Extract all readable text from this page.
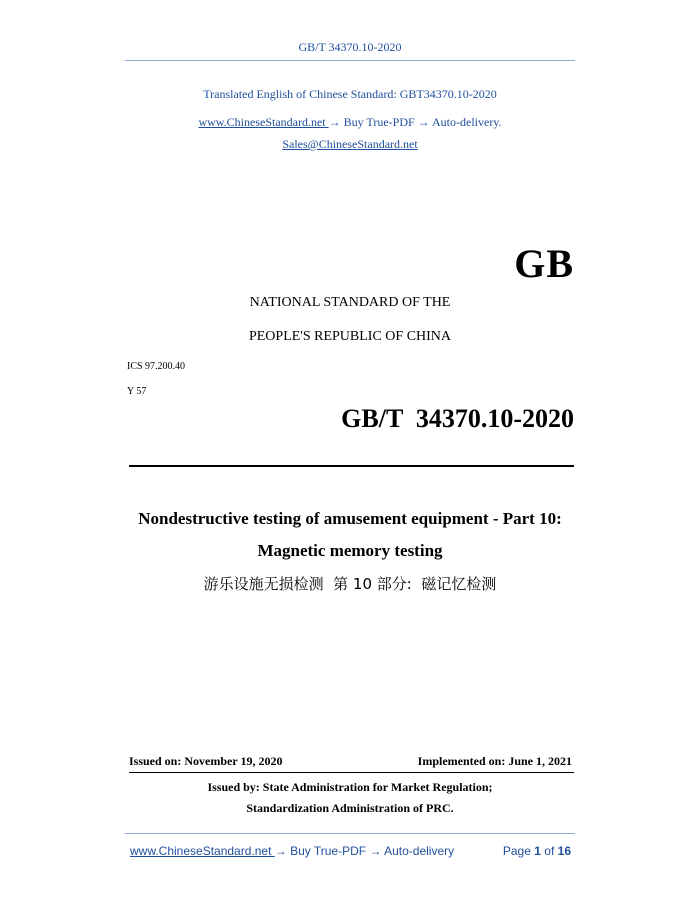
GB/T 34370.10-2020
Translated English of Chinese Standard: GBT34370.10-2020
www.ChineseStandard.net → Buy True-PDF → Auto-delivery.
Sales@ChineseStandard.net
GB
NATIONAL STANDARD OF THE
PEOPLE'S REPUBLIC OF CHINA
ICS 97.200.40
Y 57
GB/T  34370.10-2020
Nondestructive testing of amusement equipment - Part 10:
Magnetic memory testing
游乐设施无损检测  第 10 部分:  磁记忆检测
Issued on: November 19, 2020	Implemented on: June 1, 2021
Issued by: State Administration for Market Regulation;
Standardization Administration of PRC.
www.ChineseStandard.net → Buy True-PDF → Auto-delivery	Page 1 of 16
